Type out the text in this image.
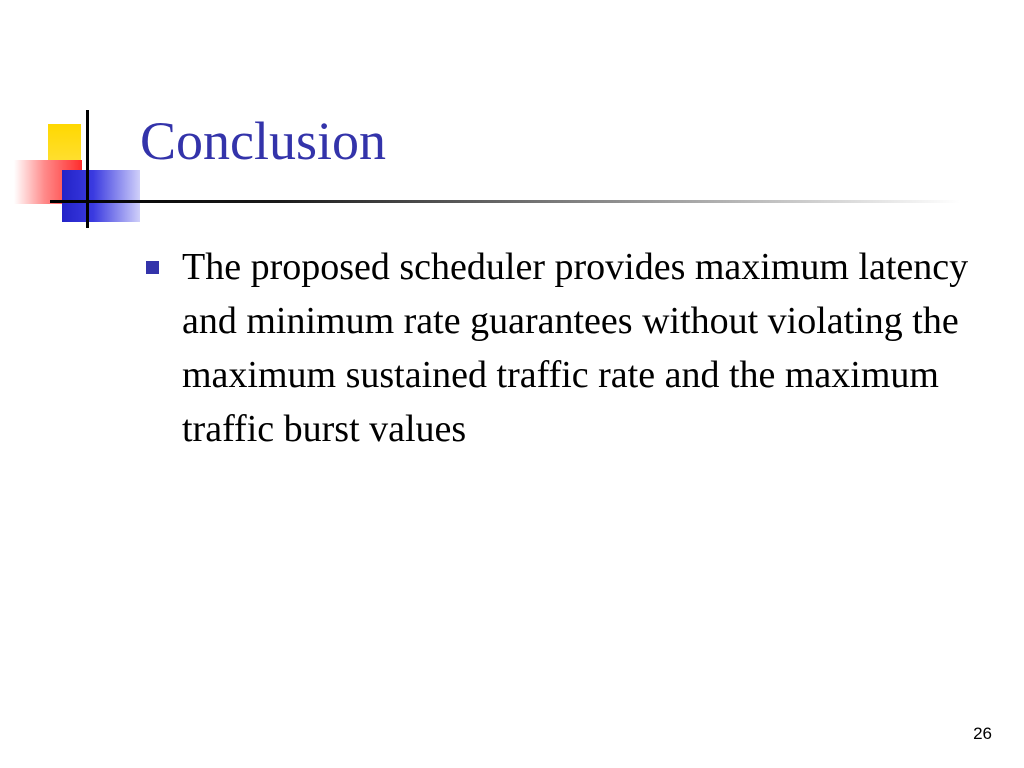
Conclusion
The proposed scheduler provides maximum latency and minimum rate guarantees without violating the maximum sustained traffic rate and the maximum traffic burst values
26
